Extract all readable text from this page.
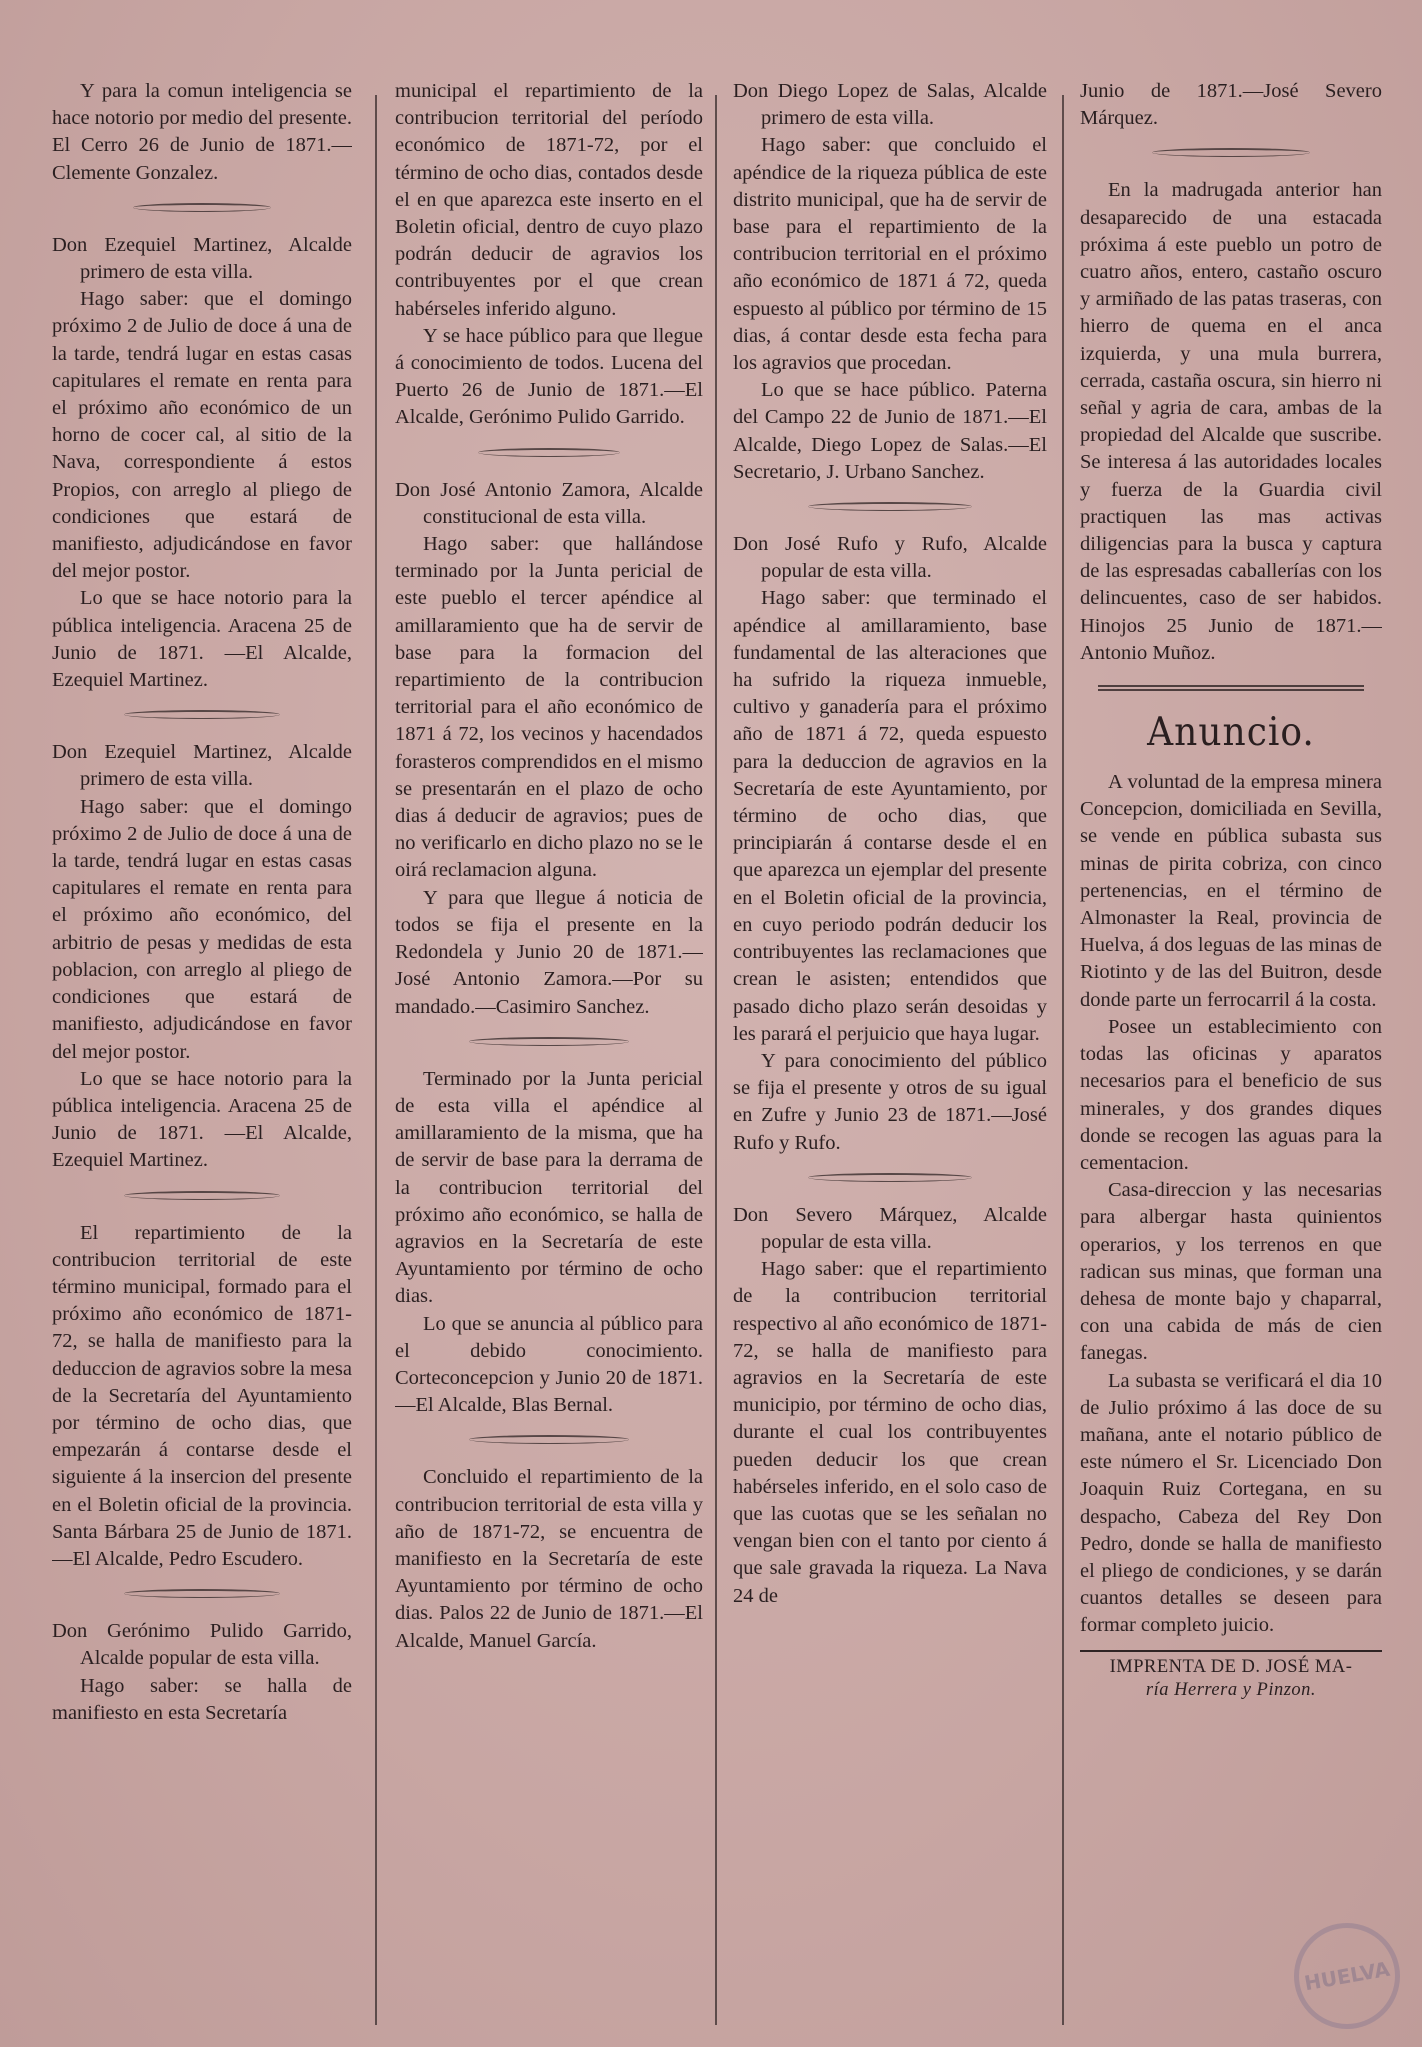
Y para la comun inteligencia se hace notorio por medio del presente. El Cerro 26 de Junio de 1871.—Clemente Gonzalez.

Don Ezequiel Martinez, Alcalde primero de esta villa.

Hago saber: que el domingo próximo 2 de Julio de doce á una de la tarde, tendrá lugar en estas casas capitulares el remate en renta para el próximo año económico de un horno de cocer cal, al sitio de la Nava, correspondiente á estos Propios, con arreglo al pliego de condiciones que estará de manifiesto, adjudicándose en favor del mejor postor.

Lo que se hace notorio para la pública inteligencia. Aracena 25 de Junio de 1871. —El Alcalde, Ezequiel Martinez.

Don Ezequiel Martinez, Alcalde primero de esta villa.

Hago saber: que el domingo próximo 2 de Julio de doce á una de la tarde, tendrá lugar en estas casas capitulares el remate en renta para el próximo año económico, del arbitrio de pesas y medidas de esta poblacion, con arreglo al pliego de condiciones que estará de manifiesto, adjudicándose en favor del mejor postor.

Lo que se hace notorio para la pública inteligencia. Aracena 25 de Junio de 1871. —El Alcalde, Ezequiel Martinez.

El repartimiento de la contribucion territorial de este término municipal, formado para el próximo año económico de 1871-72, se halla de manifiesto para la deduccion de agravios sobre la mesa de la Secretaría del Ayuntamiento por término de ocho dias, que empezarán á contarse desde el siguiente á la insercion del presente en el Boletin oficial de la provincia. Santa Bárbara 25 de Junio de 1871.—El Alcalde, Pedro Escudero.

Don Gerónimo Pulido Garrido, Alcalde popular de esta villa.

Hago saber: se halla de manifiesto en esta Secretaría

municipal el repartimiento de la contribucion territorial del período económico de 1871-72, por el término de ocho dias, contados desde el en que aparezca este inserto en el Boletin oficial, dentro de cuyo plazo podrán deducir de agravios los contribuyentes por el que crean habérseles inferido alguno.

Y se hace público para que llegue á conocimiento de todos. Lucena del Puerto 26 de Junio de 1871.—El Alcalde, Gerónimo Pulido Garrido.

Don José Antonio Zamora, Alcalde constitucional de esta villa.

Hago saber: que hallándose terminado por la Junta pericial de este pueblo el tercer apéndice al amillaramiento que ha de servir de base para la formacion del repartimiento de la contribucion territorial para el año económico de 1871 á 72, los vecinos y hacendados forasteros comprendidos en el mismo se presentarán en el plazo de ocho dias á deducir de agravios; pues de no verificarlo en dicho plazo no se le oirá reclamacion alguna.

Y para que llegue á noticia de todos se fija el presente en la Redondela y Junio 20 de 1871.—José Antonio Zamora.—Por su mandado.—Casimiro Sanchez.

Terminado por la Junta pericial de esta villa el apéndice al amillaramiento de la misma, que ha de servir de base para la derrama de la contribucion territorial del próximo año económico, se halla de agravios en la Secretaría de este Ayuntamiento por término de ocho dias.

Lo que se anuncia al público para el debido conocimiento. Corteconcepcion y Junio 20 de 1871.—El Alcalde, Blas Bernal.

Concluido el repartimiento de la contribucion territorial de esta villa y año de 1871-72, se encuentra de manifiesto en la Secretaría de este Ayuntamiento por término de ocho dias. Palos 22 de Junio de 1871.—El Alcalde, Manuel García.

Don Diego Lopez de Salas, Alcalde primero de esta villa.

Hago saber: que concluido el apéndice de la riqueza pública de este distrito municipal, que ha de servir de base para el repartimiento de la contribucion territorial en el próximo año económico de 1871 á 72, queda espuesto al público por término de 15 dias, á contar desde esta fecha para los agravios que procedan.

Lo que se hace público. Paterna del Campo 22 de Junio de 1871.—El Alcalde, Diego Lopez de Salas.—El Secretario, J. Urbano Sanchez.

Don José Rufo y Rufo, Alcalde popular de esta villa.

Hago saber: que terminado el apéndice al amillaramiento, base fundamental de las alteraciones que ha sufrido la riqueza inmueble, cultivo y ganadería para el próximo año de 1871 á 72, queda espuesto para la deduccion de agravios en la Secretaría de este Ayuntamiento, por término de ocho dias, que principiarán á contarse desde el en que aparezca un ejemplar del presente en el Boletin oficial de la provincia, en cuyo periodo podrán deducir los contribuyentes las reclamaciones que crean le asisten; entendidos que pasado dicho plazo serán desoidas y les parará el perjuicio que haya lugar.

Y para conocimiento del público se fija el presente y otros de su igual en Zufre y Junio 23 de 1871.—José Rufo y Rufo.

Don Severo Márquez, Alcalde popular de esta villa.

Hago saber: que el repartimiento de la contribucion territorial respectivo al año económico de 1871-72, se halla de manifiesto para agravios en la Secretaría de este municipio, por término de ocho dias, durante el cual los contribuyentes pueden deducir los que crean habérseles inferido, en el solo caso de que las cuotas que se les señalan no vengan bien con el tanto por ciento á que sale gravada la riqueza. La Nava 24 de

Junio de 1871.—José Severo Márquez.

En la madrugada anterior han desaparecido de una estacada próxima á este pueblo un potro de cuatro años, entero, castaño oscuro y armiñado de las patas traseras, con hierro de quema en el anca izquierda, y una mula burrera, cerrada, castaña oscura, sin hierro ni señal y agria de cara, ambas de la propiedad del Alcalde que suscribe. Se interesa á las autoridades locales y fuerza de la Guardia civil practiquen las mas activas diligencias para la busca y captura de las espresadas caballerías con los delincuentes, caso de ser habidos. Hinojos 25 Junio de 1871.—Antonio Muñoz.

Anuncio.

A voluntad de la empresa minera Concepcion, domiciliada en Sevilla, se vende en pública subasta sus minas de pirita cobriza, con cinco pertenencias, en el término de Almonaster la Real, provincia de Huelva, á dos leguas de las minas de Riotinto y de las del Buitron, desde donde parte un ferrocarril á la costa.

Posee un establecimiento con todas las oficinas y aparatos necesarios para el beneficio de sus minerales, y dos grandes diques donde se recogen las aguas para la cementacion.

Casa-direccion y las necesarias para albergar hasta quinientos operarios, y los terrenos en que radican sus minas, que forman una dehesa de monte bajo y chaparral, con una cabida de más de cien fanegas.

La subasta se verificará el dia 10 de Julio próximo á las doce de su mañana, ante el notario público de este número el Sr. Licenciado Don Joaquin Ruiz Cortegana, en su despacho, Cabeza del Rey Don Pedro, donde se halla de manifiesto el pliego de condiciones, y se darán cuantos detalles se deseen para formar completo juicio.

IMPRENTA DE D. JOSÉ MA-
ría Herrera y Pinzon.
HUELVA
